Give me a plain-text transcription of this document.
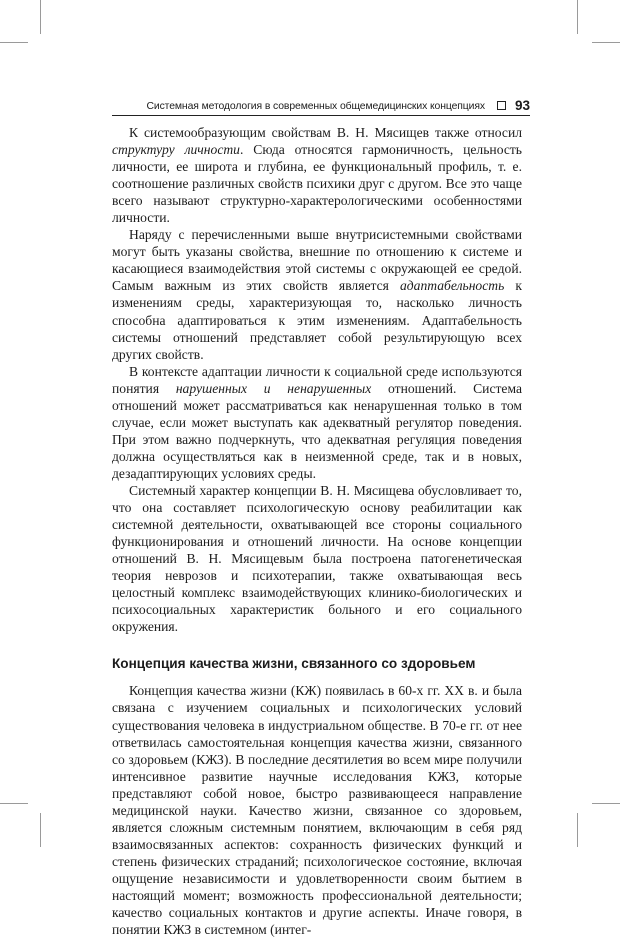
Системная методология в современных общемедицинских концепциях 93

К системообразующим свойствам В. Н. Мясищев также относил структуру личности. Сюда относятся гармоничность, цельность личности, ее широта и глубина, ее функциональный профиль, т. е. соотношение различных свойств психики друг с другом. Все это чаще всего называют структурно-характерологическими особенностями личности.

Наряду с перечисленными выше внутрисистемными свойствами могут быть указаны свойства, внешние по отношению к системе и касающиеся взаимодействия этой системы с окружающей ее средой. Самым важным из этих свойств является адаптабельность к изменениям среды, характеризующая то, насколько личность способна адаптироваться к этим изменениям. Адаптабельность системы отношений представляет собой результирующую всех других свойств.

В контексте адаптации личности к социальной среде используются понятия нарушенных и ненарушенных отношений. Система отношений может рассматриваться как ненарушенная только в том случае, если может выступать как адекватный регулятор поведения. При этом важно подчеркнуть, что адекватная регуляция поведения должна осуществляться как в неизменной среде, так и в новых, дезадаптирующих условиях среды.

Системный характер концепции В. Н. Мясищева обусловливает то, что она составляет психологическую основу реабилитации как системной деятельности, охватывающей все стороны социального функционирования и отношений личности. На основе концепции отношений В. Н. Мясищевым была построена патогенетическая теория неврозов и психотерапии, также охватывающая весь целостный комплекс взаимодействующих клинико-биологических и психосоциальных характеристик больного и его социального окружения.

Концепция качества жизни, связанного со здоровьем

Концепция качества жизни (КЖ) появилась в 60-х гг. XX в. и была связана с изучением социальных и психологических условий существования человека в индустриальном обществе. В 70-е гг. от нее ответвилась самостоятельная концепция качества жизни, связанного со здоровьем (КЖЗ). В последние десятилетия во всем мире получили интенсивное развитие научные исследования КЖЗ, которые представляют собой новое, быстро развивающееся направление медицинской науки. Качество жизни, связанное со здоровьем, является сложным системным понятием, включающим в себя ряд взаимосвязанных аспектов: сохранность физических функций и степень физических страданий; психологическое состояние, включая ощущение независимости и удовлетворенности своим бытием в настоящий момент; возможность профессиональной деятельности; качество социальных контактов и другие аспекты. Иначе говоря, в понятии КЖЗ в системном (интег-
